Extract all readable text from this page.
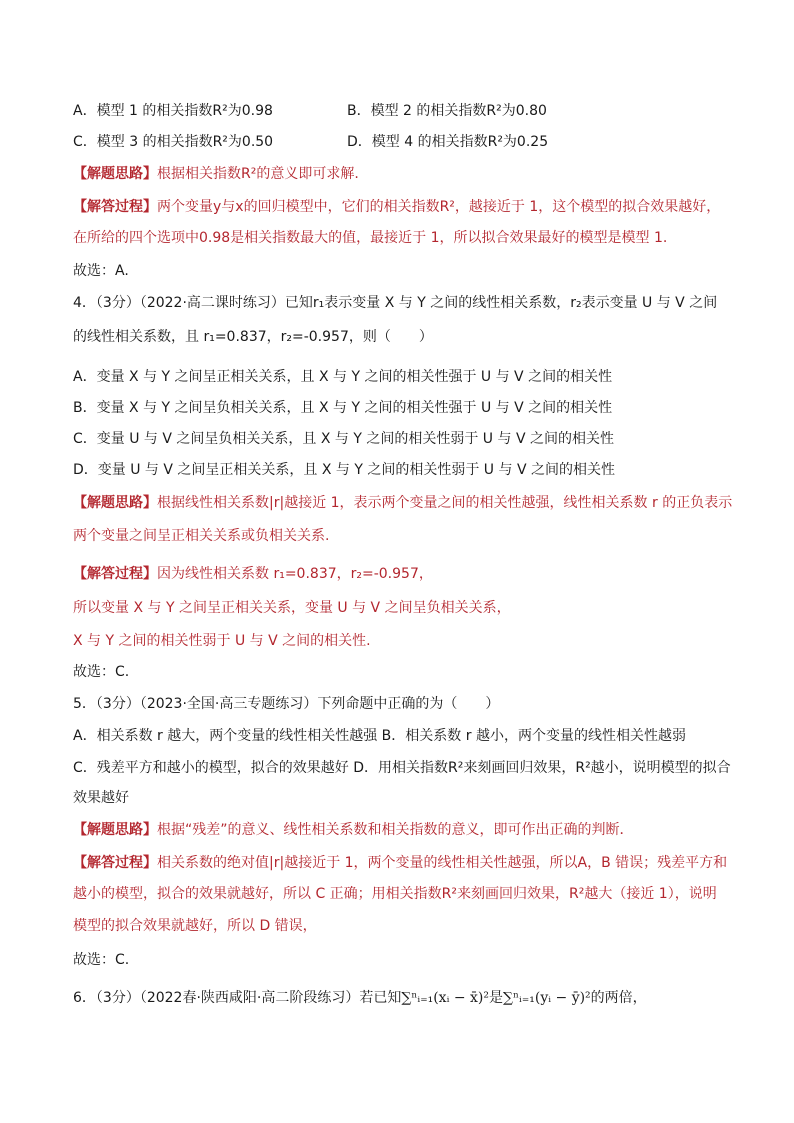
A．模型 1 的相关指数R²为0.98	B．模型 2 的相关指数R²为0.80
C．模型 3 的相关指数R²为0.50	D．模型 4 的相关指数R²为0.25
【解题思路】根据相关指数R²的意义即可求解.
【解答过程】两个变量y与x的回归模型中，它们的相关指数R²，越接近于 1，这个模型的拟合效果越好，
在所给的四个选项中0.98是相关指数最大的值，最接近于 1，所以拟合效果最好的模型是模型 1.
故选：A.
4．（3分）（2022·高二课时练习）已知r₁表示变量 X 与 Y 之间的线性相关系数，r₂表示变量 U 与 V 之间
的线性相关系数，且 r₁=0.837，r₂=-0.957，则（　　）
A．变量 X 与 Y 之间呈正相关关系，且 X 与 Y 之间的相关性强于 U 与 V 之间的相关性
B．变量 X 与 Y 之间呈负相关关系，且 X 与 Y 之间的相关性强于 U 与 V 之间的相关性
C．变量 U 与 V 之间呈负相关关系，且 X 与 Y 之间的相关性弱于 U 与 V 之间的相关性
D．变量 U 与 V 之间呈正相关关系，且 X 与 Y 之间的相关性弱于 U 与 V 之间的相关性
【解题思路】根据线性相关系数|r|越接近 1，表示两个变量之间的相关性越强，线性相关系数 r 的正负表示
两个变量之间呈正相关关系或负相关关系.
【解答过程】因为线性相关系数 r₁=0.837，r₂=-0.957，
所以变量 X 与 Y 之间呈正相关关系，变量 U 与 V 之间呈负相关关系，
X 与 Y 之间的相关性弱于 U 与 V 之间的相关性.
故选：C.
5．（3分）（2023·全国·高三专题练习）下列命题中正确的为（　　）
A．相关系数 r 越大，两个变量的线性相关性越强 B．相关系数 r 越小，两个变量的线性相关性越弱
C．残差平方和越小的模型，拟合的效果越好 D．用相关指数R²来刻画回归效果，R²越小，说明模型的拟合
效果越好
【解题思路】根据“残差”的意义、线性相关系数和相关指数的意义，即可作出正确的判断．
【解答过程】相关系数的绝对值|r|越接近于 1，两个变量的线性相关性越强，所以A，B 错误；残差平方和
越小的模型，拟合的效果就越好，所以 C 正确；用相关指数R²来刻画回归效果，R²越大（接近 1），说明
模型的拟合效果就越好，所以 D 错误，
故选：C.
6．（3分）（2022春·陕西咸阳·高二阶段练习）若已知∑ⁿᵢ₌₁(xᵢ − x̄)²是∑ⁿᵢ₌₁(yᵢ − ȳ)²的两倍，
